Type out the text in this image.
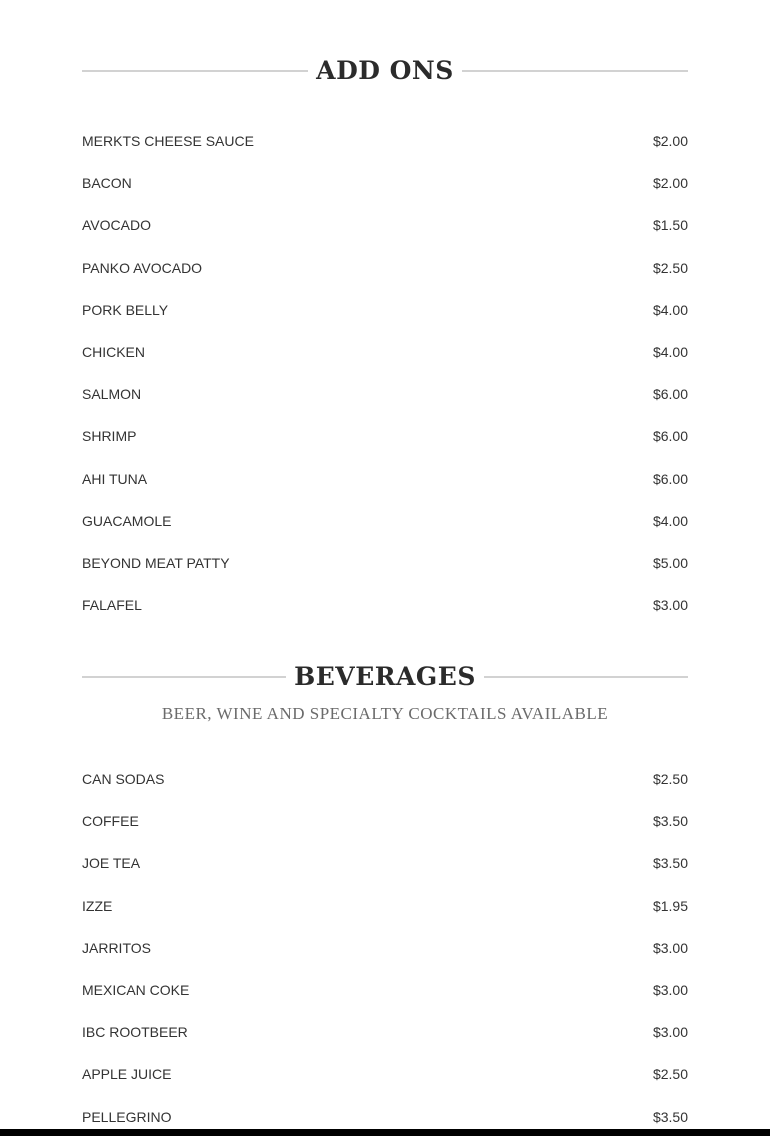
ADD ONS
MERKTS CHEESE SAUCE	$2.00
BACON	$2.00
AVOCADO	$1.50
PANKO AVOCADO	$2.50
PORK BELLY	$4.00
CHICKEN	$4.00
SALMON	$6.00
SHRIMP	$6.00
AHI TUNA	$6.00
GUACAMOLE	$4.00
BEYOND MEAT PATTY	$5.00
FALAFEL	$3.00
BEVERAGES
BEER, WINE AND SPECIALTY COCKTAILS AVAILABLE
CAN SODAS	$2.50
COFFEE	$3.50
JOE TEA	$3.50
IZZE	$1.95
JARRITOS	$3.00
MEXICAN COKE	$3.00
IBC ROOTBEER	$3.00
APPLE JUICE	$2.50
PELLEGRINO	$3.50
